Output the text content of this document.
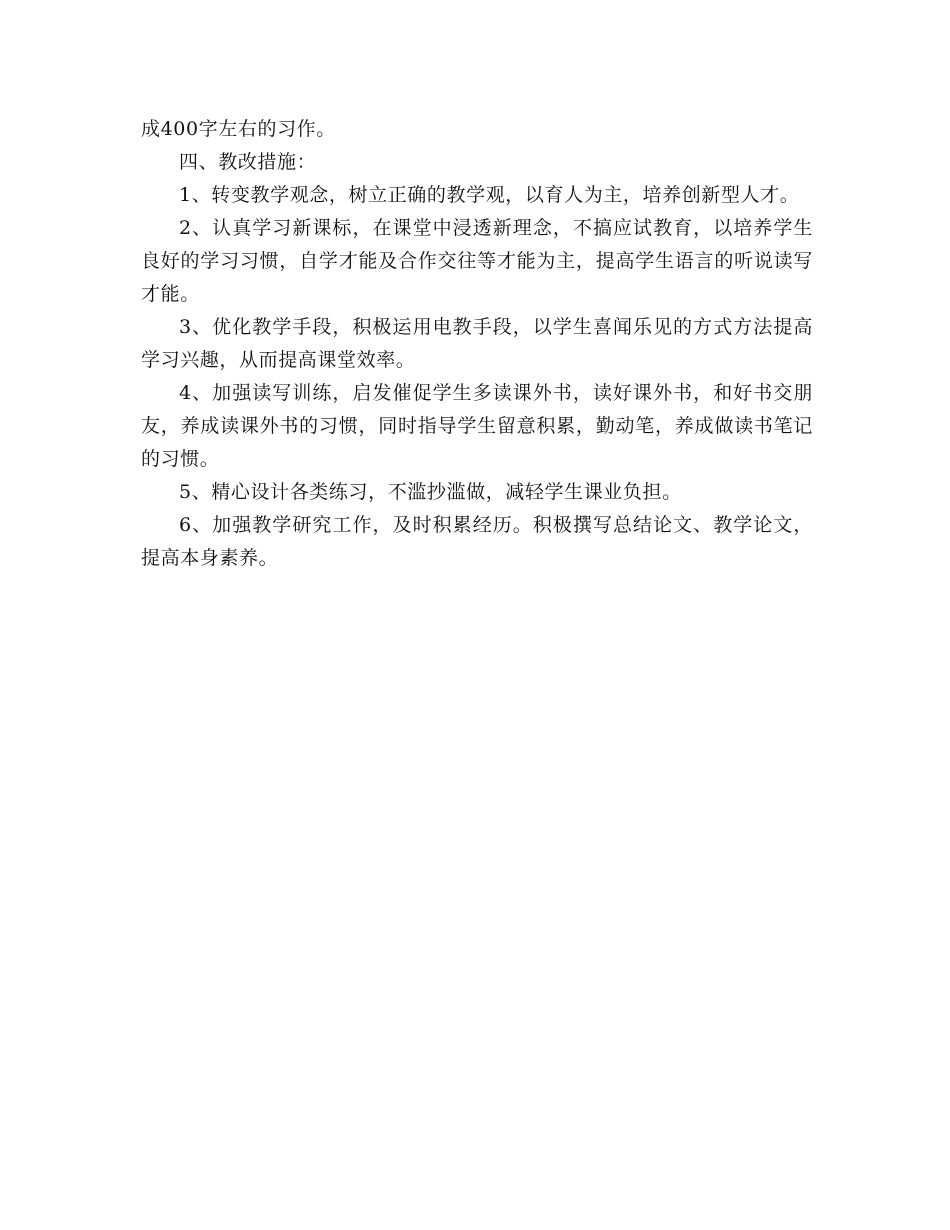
成400字左右的习作。

四、教改措施：

1、转变教学观念，树立正确的教学观，以育人为主，培养创新型人才。

2、认真学习新课标，在课堂中浸透新理念，不搞应试教育，以培养学生良好的学习习惯，自学才能及合作交往等才能为主，提高学生语言的听说读写才能。

3、优化教学手段，积极运用电教手段，以学生喜闻乐见的方式方法提高学习兴趣，从而提高课堂效率。

4、加强读写训练，启发催促学生多读课外书，读好课外书，和好书交朋友，养成读课外书的习惯，同时指导学生留意积累，勤动笔，养成做读书笔记的习惯。

5、精心设计各类练习，不滥抄滥做，减轻学生课业负担。

6、加强教学研究工作，及时积累经历。积极撰写总结论文、教学论文，提高本身素养。
